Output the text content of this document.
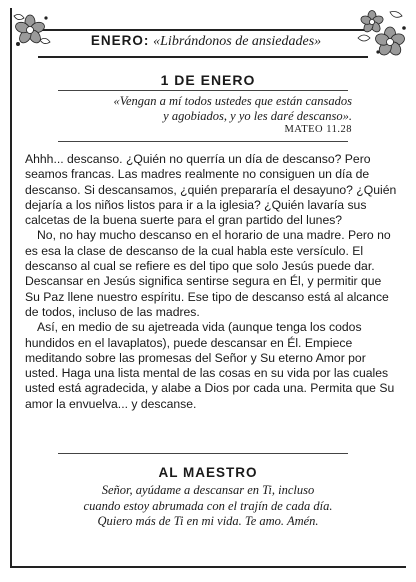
ENERO: «Librándonos de ansiedades»
1 DE ENERO
«Vengan a mí todos ustedes que están cansados
y agobiados, y yo les daré descanso».
MATEO 11.28

Ahhh... descanso. ¿Quién no querría un día de descanso? Pero seamos francas. Las madres realmente no consiguen un día de descanso. Si descansamos, ¿quién prepararía el desayuno? ¿Quién dejaría a los niños listos para ir a la iglesia? ¿Quién lavaría sus calcetas de la buena suerte para el gran partido del lunes?

No, no hay mucho descanso en el horario de una madre. Pero no es esa la clase de descanso de la cual habla este versículo. El descanso al cual se refiere es del tipo que solo Jesús puede dar. Descansar en Jesús significa sentirse segura en Él, y permitir que Su Paz llene nuestro espíritu. Ese tipo de descanso está al alcance de todos, incluso de las madres.

Así, en medio de su ajetreada vida (aunque tenga los codos hundidos en el lavaplatos), puede descansar en Él. Empiece meditando sobre las promesas del Señor y Su eterno Amor por usted. Haga una lista mental de las cosas en su vida por las cuales usted está agradecida, y alabe a Dios por cada una. Permita que Su amor la envuelva... y descanse.

AL MAESTRO
Señor, ayúdame a descansar en Ti, incluso
cuando estoy abrumada con el trajín de cada día.
Quiero más de Ti en mi vida. Te amo. Amén.
